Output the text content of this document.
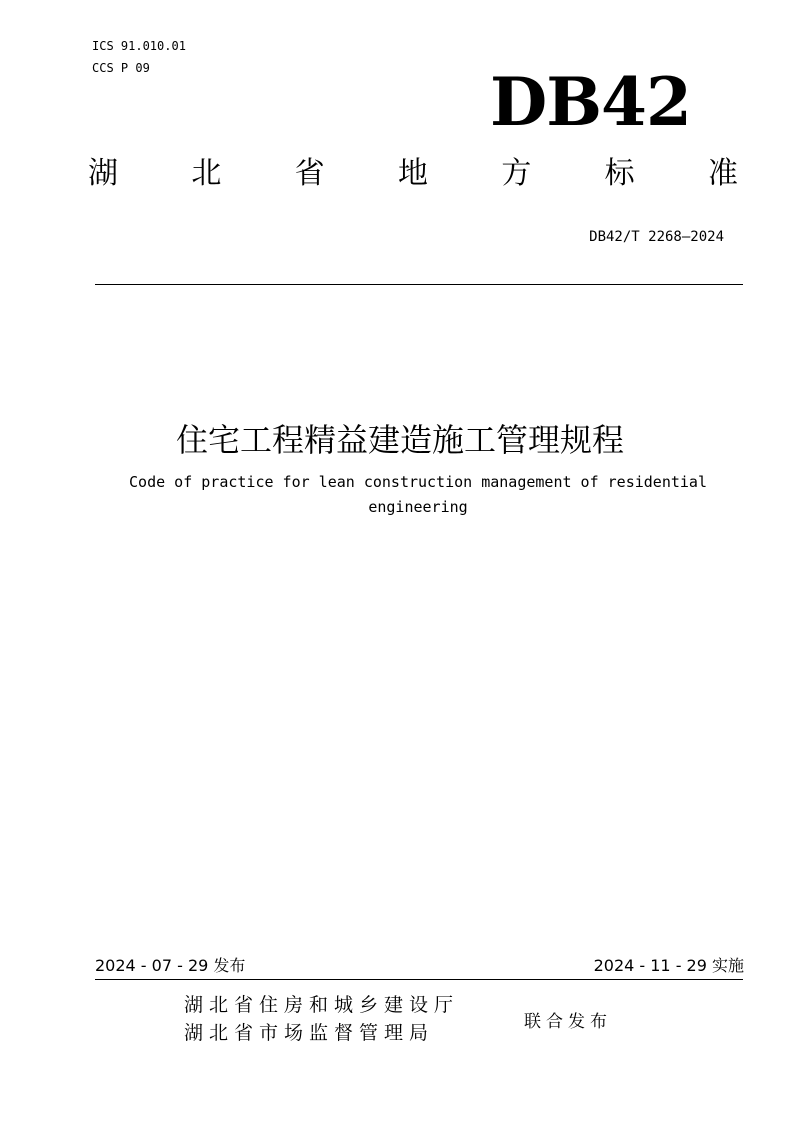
ICS 91.010.01
CCS P 09	DB42
湖 北 省 地 方 标 准
DB42/T 2268—2024
住宅工程精益建造施工管理规程
Code of practice for lean construction management of residential engineering
2024 - 07 - 29 发布	2024 - 11 - 29 实施
湖北省住房和城乡建设厅
湖北省市场监督管理局	联合发布
